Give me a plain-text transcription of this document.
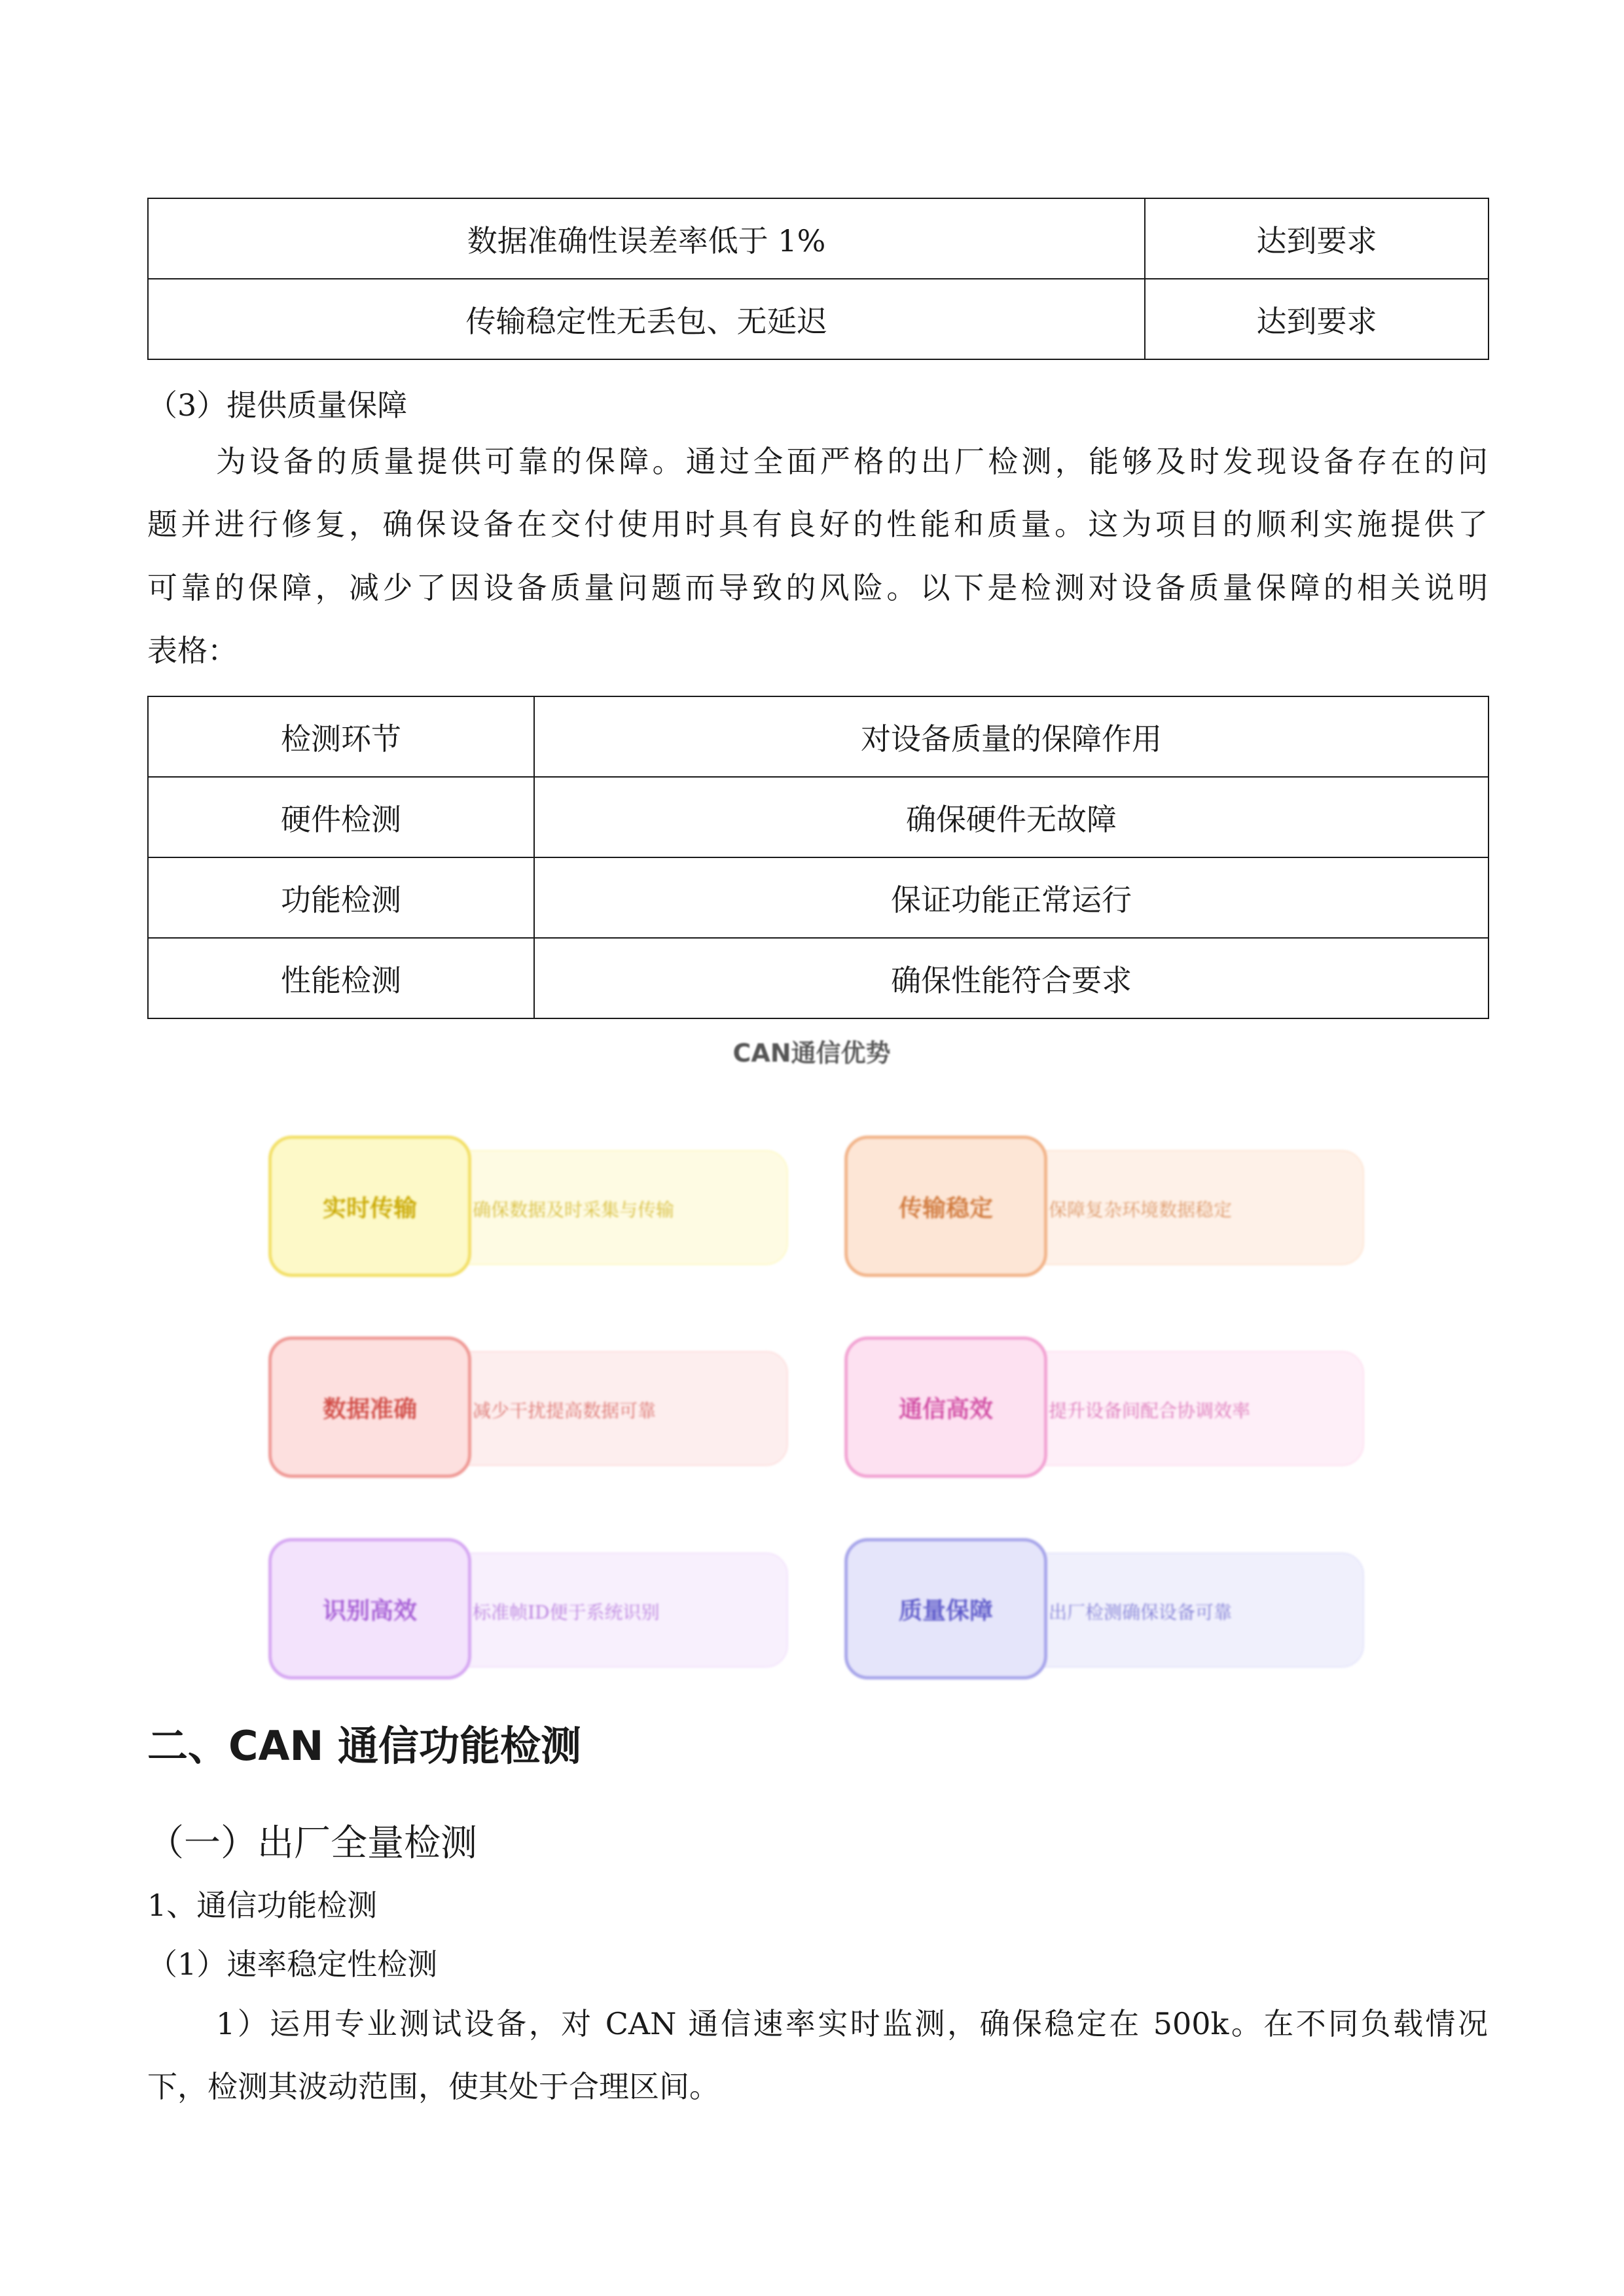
数据准确性误差率低于 1%	达到要求
传输稳定性无丢包、无延迟	达到要求
（3）提供质量保障
为设备的质量提供可靠的保障。通过全面严格的出厂检测，能够及时发现设备存在的问
题并进行修复，确保设备在交付使用时具有良好的性能和质量。这为项目的顺利实施提供了
可靠的保障，减少了因设备质量问题而导致的风险。以下是检测对设备质量保障的相关说明
表格：
检测环节	对设备质量的保障作用
硬件检测	确保硬件无故障
功能检测	保证功能正常运行
性能检测	确保性能符合要求
CAN通信优势
确保数据及时采集与传输
实时传输	保障复杂环境数据稳定
传输稳定
减少干扰提高数据可靠
数据准确	提升设备间配合协调效率
通信高效
标准帧ID便于系统识别
识别高效	出厂检测确保设备可靠
质量保障
二、CAN 通信功能检测
（一）出厂全量检测
1、通信功能检测
（1）速率稳定性检测
1）运用专业测试设备，对 CAN 通信速率实时监测，确保稳定在 500k。在不同负载情况
下，检测其波动范围，使其处于合理区间。
